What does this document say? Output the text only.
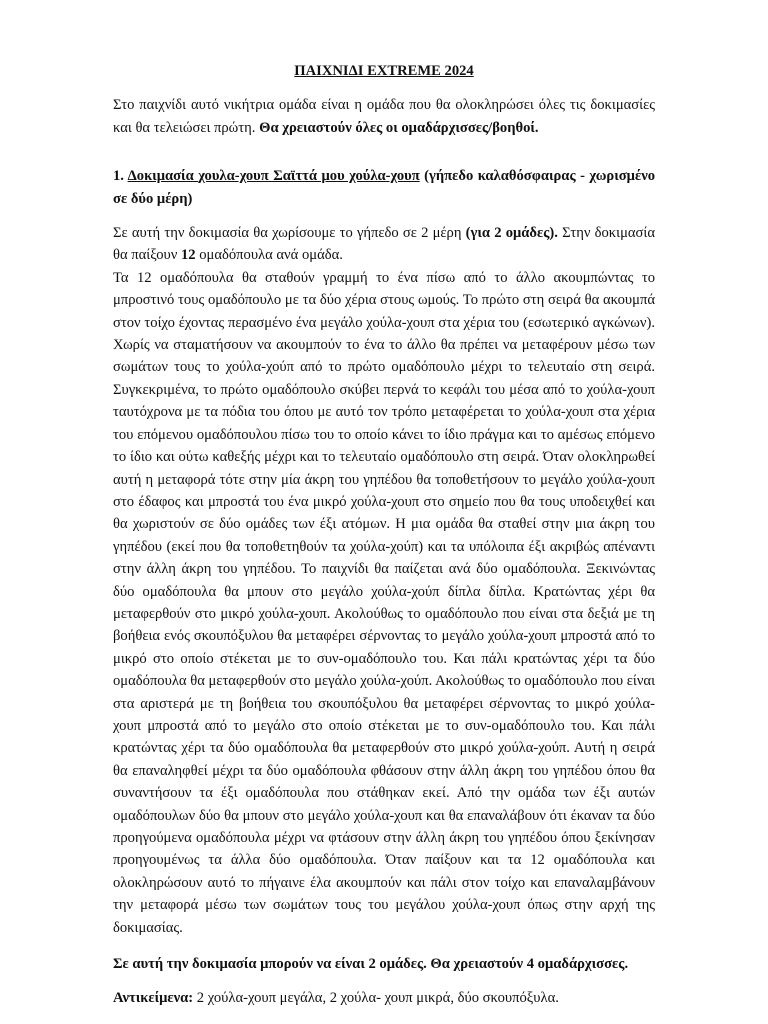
ΠΑΙΧΝΙΔΙ EXTREME 2024

Στο παιχνίδι αυτό νικήτρια ομάδα είναι η ομάδα που θα ολοκληρώσει όλες τις δοκιμασίες και θα τελειώσει πρώτη. Θα χρειαστούν όλες οι ομαδάρχισσες/βοηθοί.

1. Δοκιμασία χουλα-χουπ Σαϊττά μου χούλα-χουπ (γήπεδο καλαθόσφαιρας - χωρισμένο σε δύο μέρη)

Σε αυτή την δοκιμασία θα χωρίσουμε το γήπεδο σε 2 μέρη (για 2 ομάδες). Στην δοκιμασία θα παίξουν 12 ομαδόπουλα ανά ομάδα.

Τα 12 ομαδόπουλα θα σταθούν γραμμή το ένα πίσω από το άλλο ακουμπώντας το μπροστινό τους ομαδόπουλο με τα δύο χέρια στους ωμούς. Το πρώτο στη σειρά θα ακουμπά στον τοίχο έχοντας περασμένο ένα μεγάλο χούλα-χουπ στα χέρια του (εσωτερικό αγκώνων). Χωρίς να σταματήσουν να ακουμπούν το ένα το άλλο θα πρέπει να μεταφέρουν μέσω των σωμάτων τους το χούλα-χούπ από το πρώτο ομαδόπουλο μέχρι το τελευταίο στη σειρά. Συγκεκριμένα, το πρώτο ομαδόπουλο σκύβει περνά το κεφάλι του μέσα από το χούλα-χουπ ταυτόχρονα με τα πόδια του όπου με αυτό τον τρόπο μεταφέρεται το χούλα-χουπ στα χέρια του επόμενου ομαδόπουλου πίσω του το οποίο κάνει το ίδιο πράγμα και το αμέσως επόμενο το ίδιο και ούτω καθεξής μέχρι και το τελευταίο ομαδόπουλο στη σειρά. Όταν ολοκληρωθεί αυτή η μεταφορά τότε στην μία άκρη του γηπέδου θα τοποθετήσουν το μεγάλο χούλα-χουπ στο έδαφος και μπροστά του ένα μικρό χούλα-χουπ στο σημείο που θα τους υποδειχθεί και θα χωριστούν σε δύο ομάδες των έξι ατόμων. Η μια ομάδα θα σταθεί στην μια άκρη του γηπέδου (εκεί που θα τοποθετηθούν τα χούλα-χούπ) και τα υπόλοιπα έξι ακριβώς απέναντι στην άλλη άκρη του γηπέδου. Το παιχνίδι θα παίζεται ανά δύο ομαδόπουλα. Ξεκινώντας δύο ομαδόπουλα θα μπουν στο μεγάλο χούλα-χούπ δίπλα δίπλα. Κρατώντας χέρι θα μεταφερθούν στο μικρό χούλα-χουπ. Ακολούθως το ομαδόπουλο που είναι στα δεξιά με τη βοήθεια ενός σκουπόξυλου θα μεταφέρει σέρνοντας το μεγάλο χούλα-χουπ μπροστά από το μικρό στο οποίο στέκεται με το συν-ομαδόπουλο του. Και πάλι κρατώντας χέρι τα δύο ομαδόπουλα θα μεταφερθούν στο μεγάλο χούλα-χούπ. Ακολούθως το ομαδόπουλο που είναι στα αριστερά με τη βοήθεια του σκουπόξυλου θα μεταφέρει σέρνοντας το μικρό χούλα-χουπ μπροστά από το μεγάλο στο οποίο στέκεται με το συν-ομαδόπουλο του. Και πάλι κρατώντας χέρι τα δύο ομαδόπουλα θα μεταφερθούν στο μικρό χούλα-χούπ. Αυτή η σειρά θα επαναληφθεί μέχρι τα δύο ομαδόπουλα φθάσουν στην άλλη άκρη του γηπέδου όπου θα συναντήσουν τα έξι ομαδόπουλα που στάθηκαν εκεί. Από την ομάδα των έξι αυτών ομαδόπουλων δύο θα μπουν στο μεγάλο χούλα-χουπ και θα επαναλάβουν ότι έκαναν τα δύο προηγούμενα ομαδόπουλα μέχρι να φτάσουν στην άλλη άκρη του γηπέδου όπου ξεκίνησαν προηγουμένως τα άλλα δύο ομαδόπουλα. Όταν παίξουν και τα 12 ομαδόπουλα και ολοκληρώσουν αυτό το πήγαινε έλα ακουμπούν και πάλι στον τοίχο και επαναλαμβάνουν την μεταφορά μέσω των σωμάτων τους του μεγάλου χούλα-χουπ όπως στην αρχή της δοκιμασίας.

Σε αυτή την δοκιμασία μπορούν να είναι 2 ομάδες. Θα χρειαστούν 4 ομαδάρχισσες.

Αντικείμενα: 2 χούλα-χουπ μεγάλα, 2 χούλα- χουπ μικρά, δύο σκουπόξυλα.
